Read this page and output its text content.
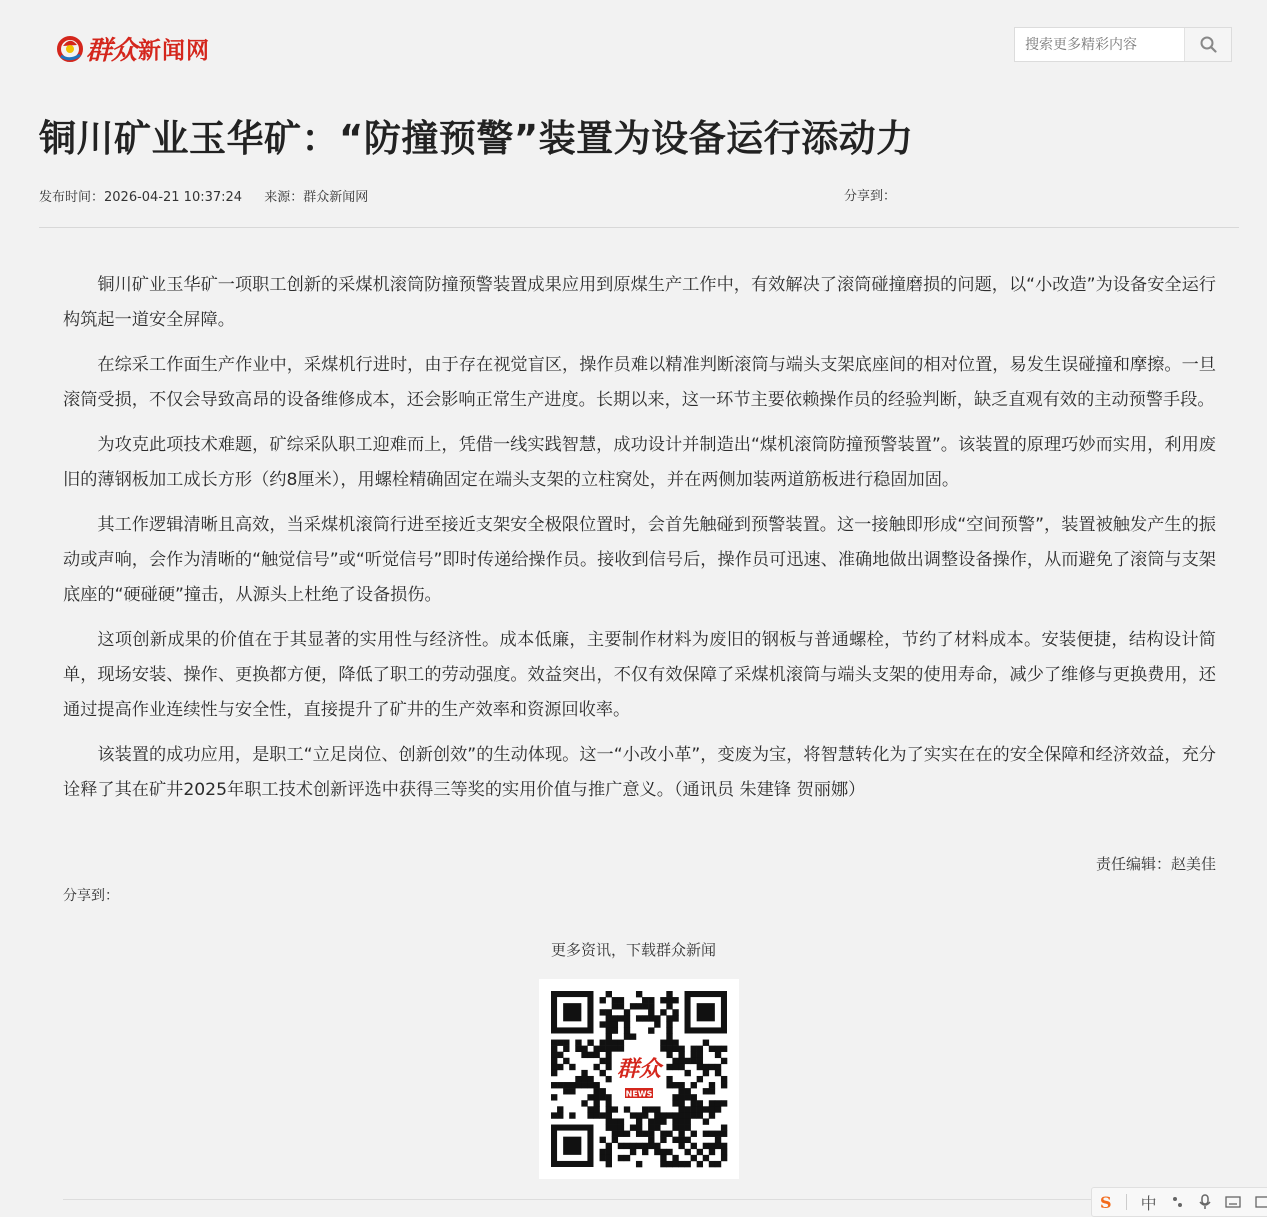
群众 新闻网
搜索更多精彩内容
铜川矿业玉华矿：“防撞预警”装置为设备运行添动力
发布时间：2026-04-21 10:37:24 来源：群众新闻网	分享到：

铜川矿业玉华矿一项职工创新的采煤机滚筒防撞预警装置成果应用到原煤生产工作中，有效解决了滚筒碰撞磨损的问题，以“小改造”为设备安全运行构筑起一道安全屏障。

在综采工作面生产作业中，采煤机行进时，由于存在视觉盲区，操作员难以精准判断滚筒与端头支架底座间的相对位置，易发生误碰撞和摩擦。一旦滚筒受损，不仅会导致高昂的设备维修成本，还会影响正常生产进度。长期以来，这一环节主要依赖操作员的经验判断，缺乏直观有效的主动预警手段。

为攻克此项技术难题，矿综采队职工迎难而上，凭借一线实践智慧，成功设计并制造出“煤机滚筒防撞预警装置”。该装置的原理巧妙而实用，利用废旧的薄钢板加工成长方形（约8厘米），用螺栓精确固定在端头支架的立柱窝处，并在两侧加装两道筋板进行稳固加固。

其工作逻辑清晰且高效，当采煤机滚筒行进至接近支架安全极限位置时，会首先触碰到预警装置。这一接触即形成“空间预警”，装置被触发产生的振动或声响，会作为清晰的“触觉信号”或“听觉信号”即时传递给操作员。接收到信号后，操作员可迅速、准确地做出调整设备操作，从而避免了滚筒与支架底座的“硬碰硬”撞击，从源头上杜绝了设备损伤。

这项创新成果的价值在于其显著的实用性与经济性。成本低廉，主要制作材料为废旧的钢板与普通螺栓，节约了材料成本。安装便捷，结构设计简单，现场安装、操作、更换都方便，降低了职工的劳动强度。效益突出，不仅有效保障了采煤机滚筒与端头支架的使用寿命，减少了维修与更换费用，还通过提高作业连续性与安全性，直接提升了矿井的生产效率和资源回收率。

该装置的成功应用，是职工“立足岗位、创新创效”的生动体现。这一“小改小革”，变废为宝，将智慧转化为了实实在在的安全保障和经济效益，充分诠释了其在矿井2025年职工技术创新评选中获得三等奖的实用价值与推广意义。（通讯员 朱建锋 贺丽娜）

责任编辑：赵美佳
分享到：
更多资讯，下载群众新闻
群众
NEWS
S 中
